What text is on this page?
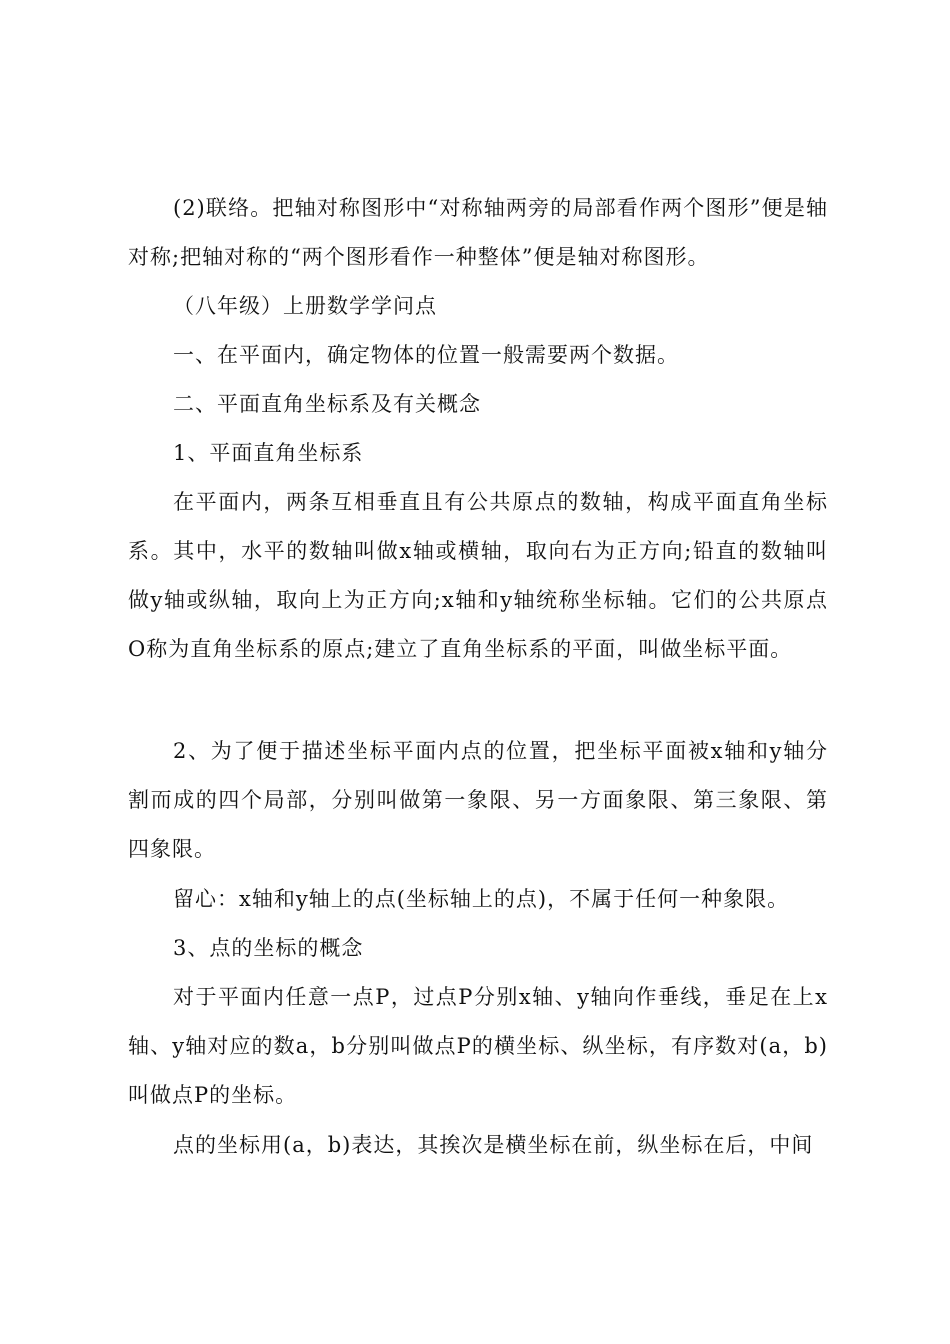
(2)联络。把轴对称图形中“对称轴两旁的局部看作两个图形”便是轴对称;把轴对称的“两个图形看作一种整体”便是轴对称图形。

（八年级）上册数学学问点

一、在平面内，确定物体的位置一般需要两个数据。

二、平面直角坐标系及有关概念

1、平面直角坐标系

在平面内，两条互相垂直且有公共原点的数轴，构成平面直角坐标系。其中，水平的数轴叫做x轴或横轴，取向右为正方向;铅直的数轴叫做y轴或纵轴，取向上为正方向;x轴和y轴统称坐标轴。它们的公共原点O称为直角坐标系的原点;建立了直角坐标系的平面，叫做坐标平面。

2、为了便于描述坐标平面内点的位置，把坐标平面被x轴和y轴分割而成的四个局部，分别叫做第一象限、另一方面象限、第三象限、第四象限。

留心：x轴和y轴上的点(坐标轴上的点)，不属于任何一种象限。

3、点的坐标的概念

对于平面内任意一点P，过点P分别x轴、y轴向作垂线，垂足在上x轴、y轴对应的数a，b分别叫做点P的横坐标、纵坐标，有序数对(a，b)叫做点P的坐标。

点的坐标用(a，b)表达，其挨次是横坐标在前，纵坐标在后，中间
